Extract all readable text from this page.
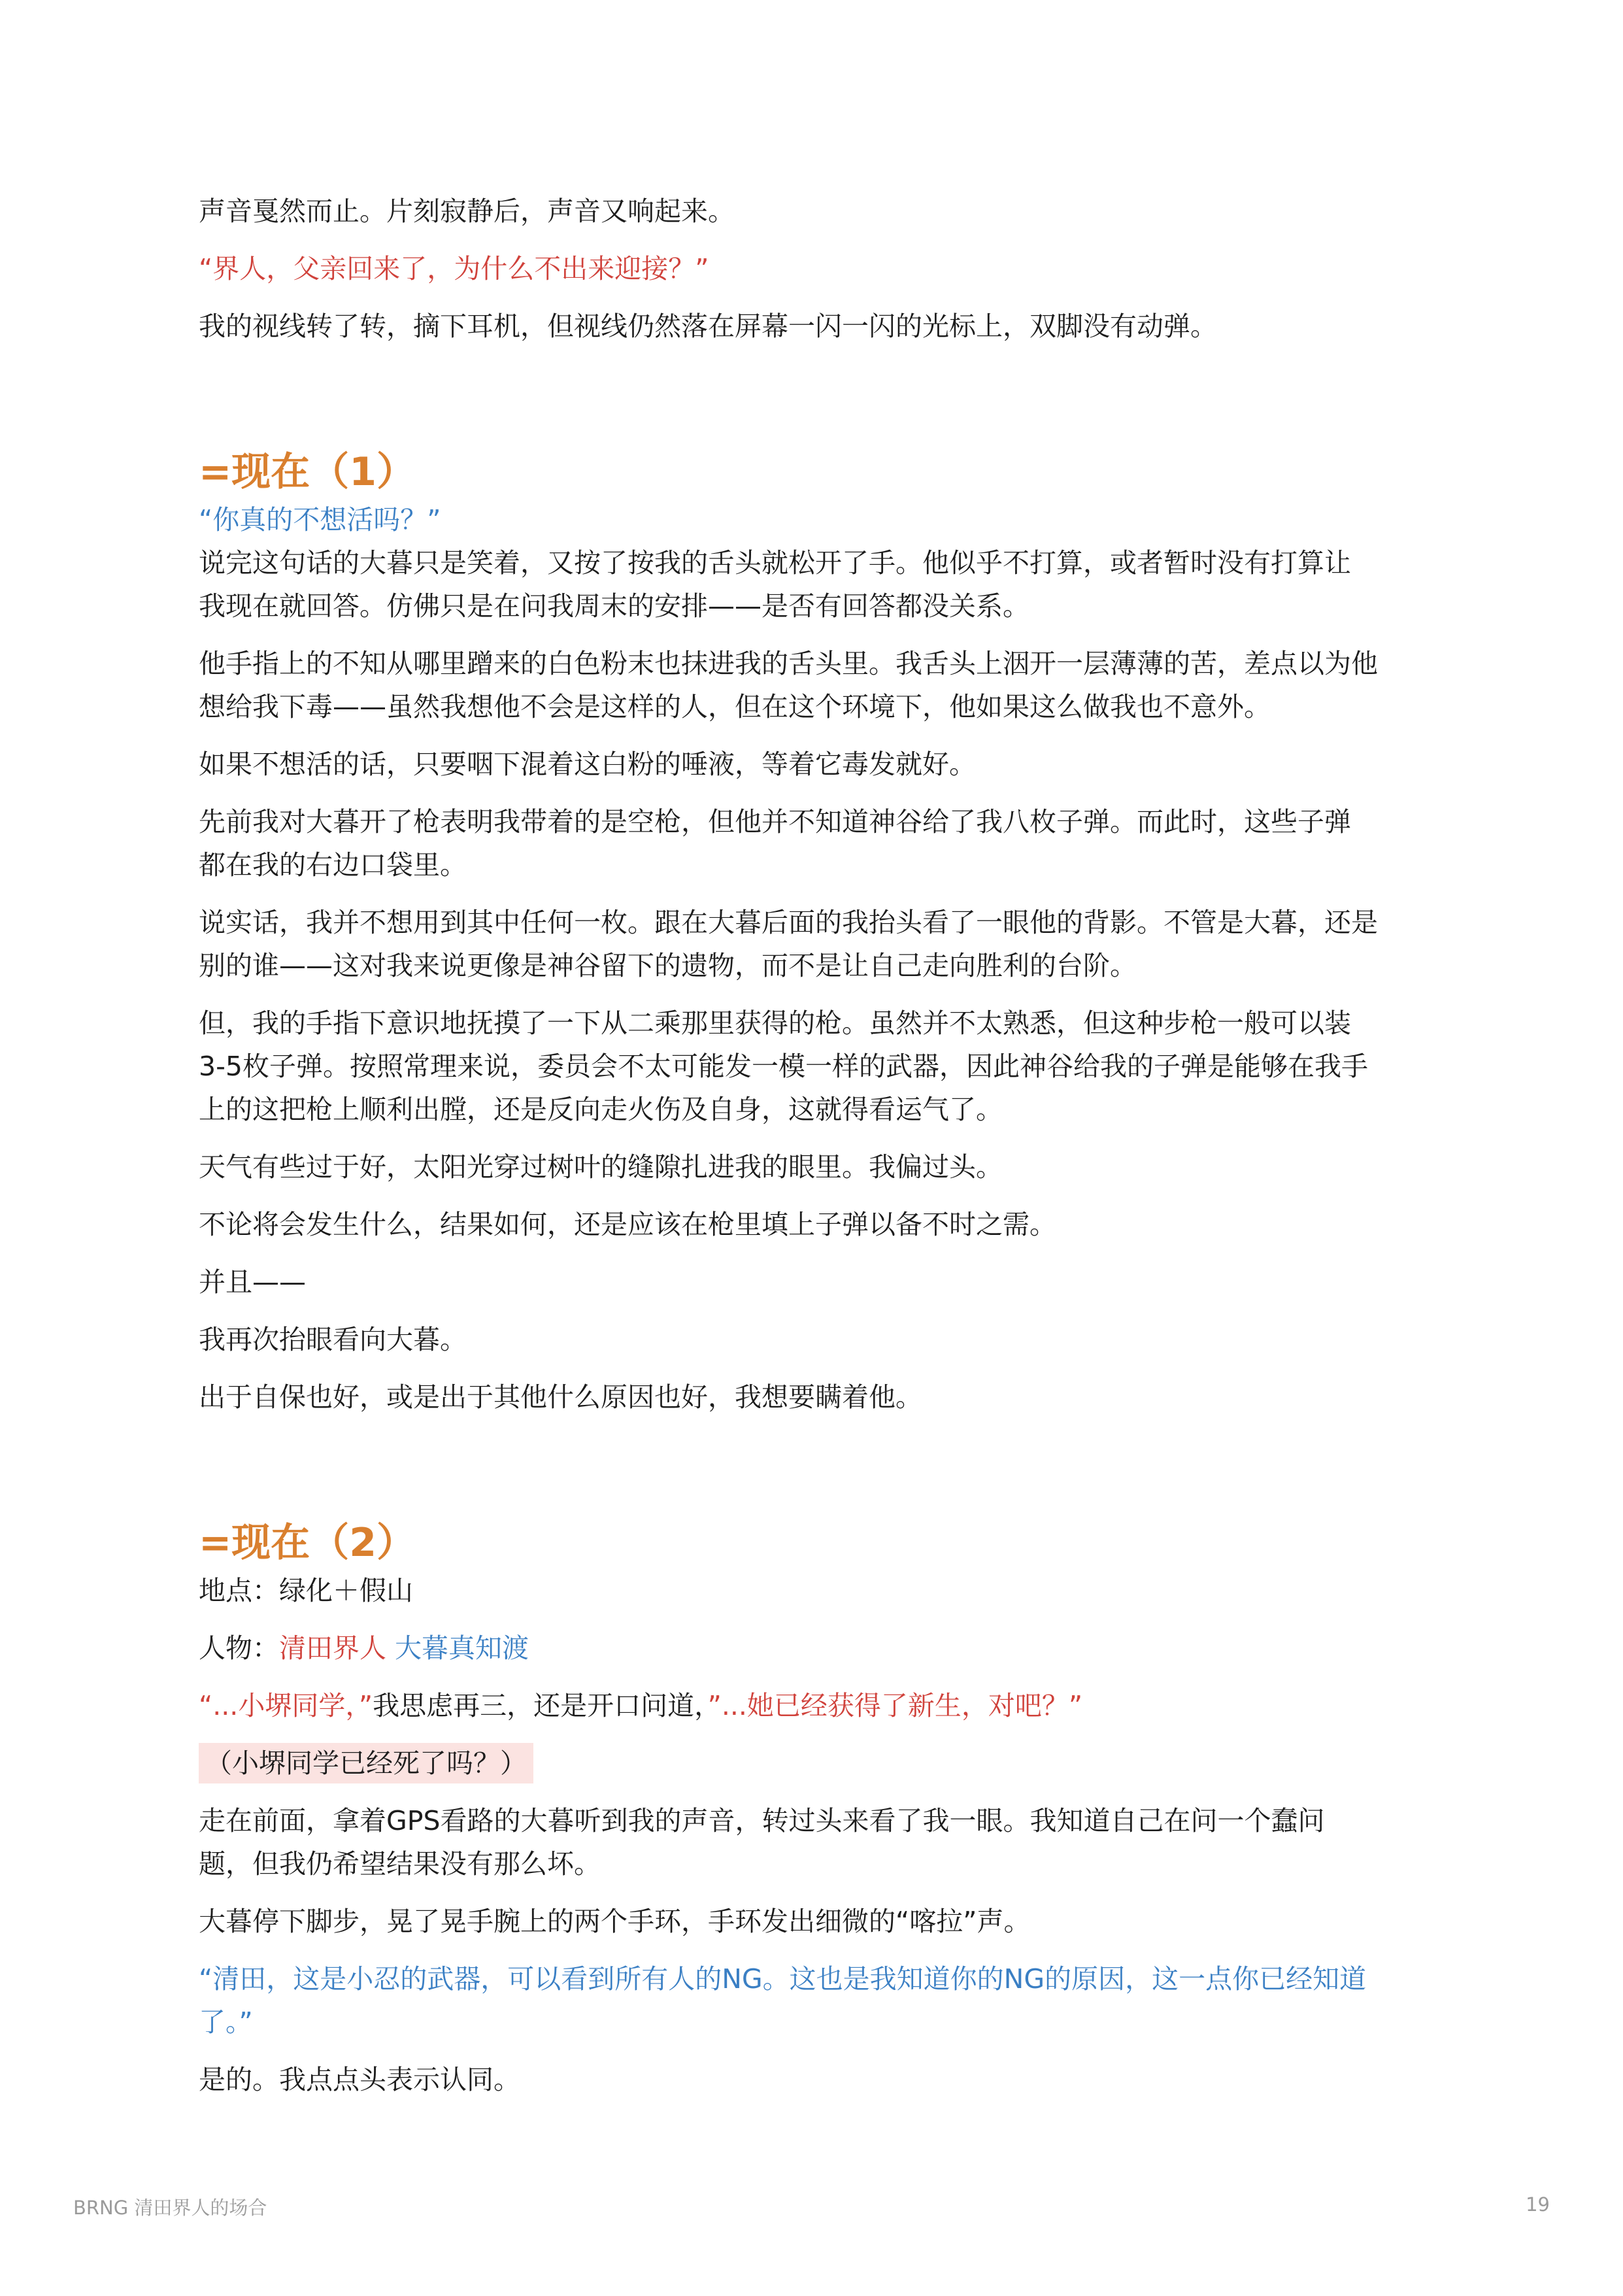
声音戛然而止。片刻寂静后，声音又响起来。

“界人，父亲回来了，为什么不出来迎接？”

我的视线转了转，摘下耳机，但视线仍然落在屏幕一闪一闪的光标上，双脚没有动弹。

=现在（1）

“你真的不想活吗？”

说完这句话的大暮只是笑着，又按了按我的舌头就松开了手。他似乎不打算，或者暂时没有打算让
我现在就回答。仿佛只是在问我周末的安排——是否有回答都没关系。

他手指上的不知从哪里蹭来的白色粉末也抹进我的舌头里。我舌头上洇开一层薄薄的苦，差点以为他
想给我下毒——虽然我想他不会是这样的人，但在这个环境下，他如果这么做我也不意外。

如果不想活的话，只要咽下混着这白粉的唾液，等着它毒发就好。

先前我对大暮开了枪表明我带着的是空枪，但他并不知道神谷给了我八枚子弹。而此时，这些子弹
都在我的右边口袋里。

说实话，我并不想用到其中任何一枚。跟在大暮后面的我抬头看了一眼他的背影。不管是大暮，还是
别的谁——这对我来说更像是神谷留下的遗物，而不是让自己走向胜利的台阶。

但，我的手指下意识地抚摸了一下从二乘那里获得的枪。虽然并不太熟悉，但这种步枪一般可以装
3-5枚子弹。按照常理来说，委员会不太可能发一模一样的武器，因此神谷给我的子弹是能够在我手
上的这把枪上顺利出膛，还是反向走火伤及自身，这就得看运气了。

天气有些过于好，太阳光穿过树叶的缝隙扎进我的眼里。我偏过头。

不论将会发生什么，结果如何，还是应该在枪里填上子弹以备不时之需。

并且——

我再次抬眼看向大暮。

出于自保也好，或是出于其他什么原因也好，我想要瞒着他。

=现在（2）

地点：绿化＋假山

人物：清田界人 大暮真知渡

“...小堺同学，”我思虑再三，还是开口问道，”...她已经获得了新生，对吧？”

（小堺同学已经死了吗？）

走在前面，拿着GPS看路的大暮听到我的声音，转过头来看了我一眼。我知道自己在问一个蠢问
题，但我仍希望结果没有那么坏。

大暮停下脚步，晃了晃手腕上的两个手环，手环发出细微的“喀拉”声。

“清田，这是小忍的武器，可以看到所有人的NG。这也是我知道你的NG的原因，这一点你已经知道
了。”

是的。我点点头表示认同。

BRNG 清田界人的场合	19
